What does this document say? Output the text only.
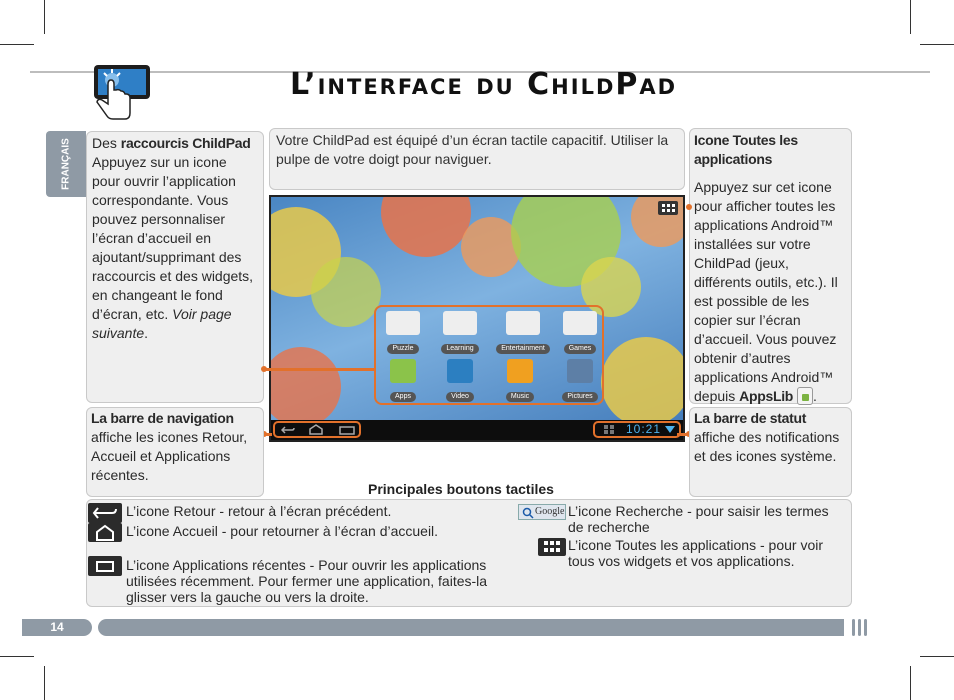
L’interface du ChildPad
FRANÇAIS	Des raccourcis ChildPad
Appuyez sur un icone pour ouvrir l’application correspondante. Vous pouvez personnaliser l’écran d’accueil en ajoutant/supprimant des raccourcis et des widgets, en changeant le fond d’écran, etc. Voir page suivante.
Votre ChildPad est équipé d’un écran tactile capacitif. Utiliser la pulpe de votre doigt pour naviguer.
Icone Toutes les applications
Appuyez sur cet icone pour afficher toutes les applications Android™ installées sur votre ChildPad (jeux, différents outils, etc.). Il est possible de les copier sur l’écran d’accueil. Vous pouvez obtenir d’autres applications Android™ depuis AppsLib .
Puzzle	Learning	Entertainment	Games
Apps	Video	Music	Pictures
10:21
La barre de navigation affiche les icones Retour, Accueil et Applications récentes.
La barre de statut affiche des notifications et des icones système.
Principales boutons tactiles
L’icone Retour - retour à l’écran précédent.
L’icone Accueil - pour retourner à l’écran d’accueil.
L’icone Applications récentes - Pour ouvrir les applications utilisées récemment. Pour fermer une application, faites-la glisser vers la gauche ou vers la droite.
Google L’icone Recherche - pour saisir les termes de recherche
L’icone Toutes les applications - pour voir tous vos widgets et vos applications.
14
